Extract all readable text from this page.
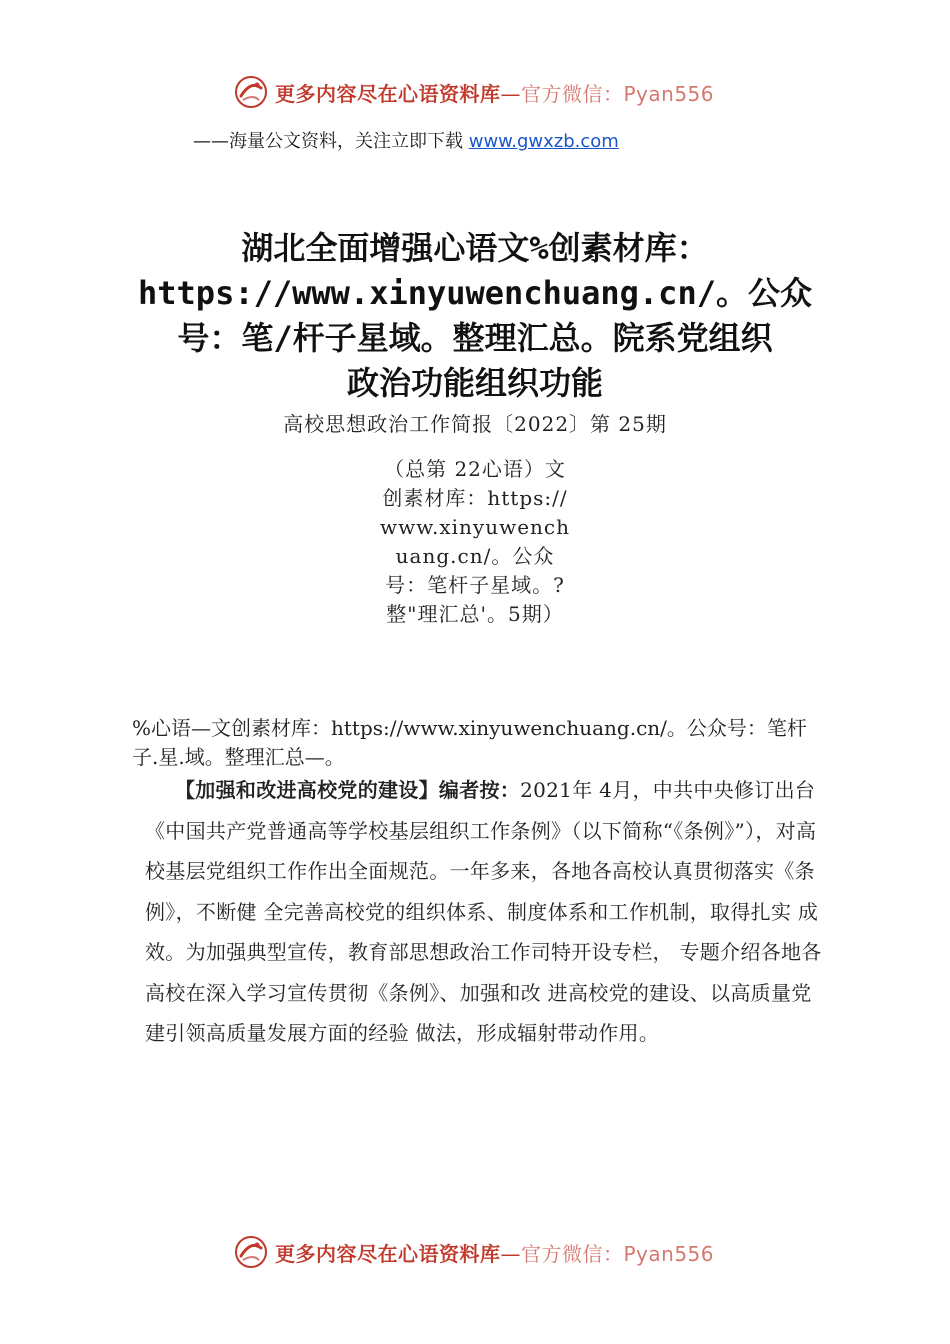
更多内容尽在心语资料库—官方微信：Pyan556
——海量公文资料，关注立即下载 www.gwxzb.com
湖北全面增强心语文%创素材库：
https://www.xinyuwenchuang.cn/。公众
号：笔/杆子星域。整理汇总。院系党组织
政治功能组织功能
高校思想政治工作简报〔2022〕第 25期
（总第 22心语）文创素材库：https://www.xinyuwenchuang.cn/。公众号：笔杆子星域。?整"理汇总'。5期）
%心语—文创素材库：https://www.xinyuwenchuang.cn/。公众号：笔杆子.星.域。整理汇总—。
【加强和改进高校党的建设】编者按：2021年 4月，中共中央修订出台《中国共产党普通高等学校基层组织工作条例》（以下简称“《条例》”），对高校基层党组织工作作出全面规范。一年多来，各地各高校认真贯彻落实《条例》，不断健 全完善高校党的组织体系、制度体系和工作机制，取得扎实 成效。为加强典型宣传，教育部思想政治工作司特开设专栏， 专题介绍各地各高校在深入学习宣传贯彻《条例》、加强和改 进高校党的建设、以高质量党建引领高质量发展方面的经验 做法，形成辐射带动作用。
更多内容尽在心语资料库—官方微信：Pyan556
